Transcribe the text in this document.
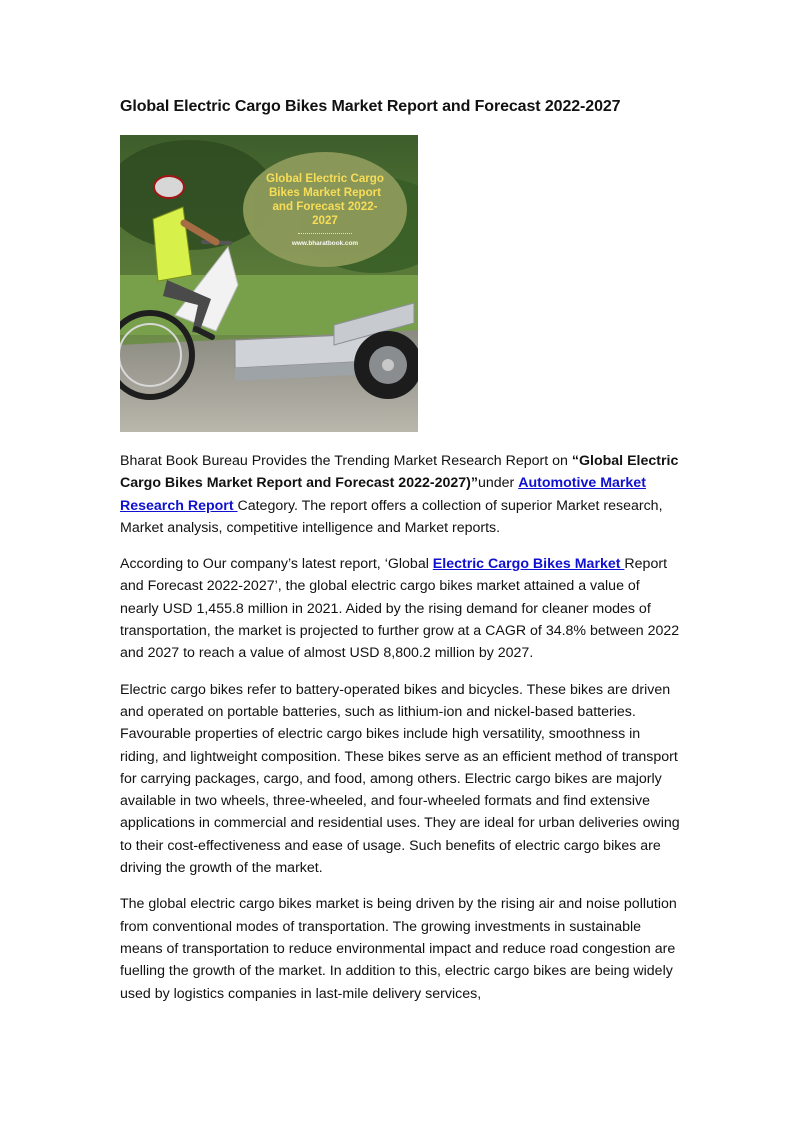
Global Electric Cargo Bikes Market Report and Forecast 2022-2027
Global Electric Cargo Bikes Market Report and Forecast 2022-2027
www.bharatbook.com

Bharat Book Bureau Provides the Trending Market Research Report on “Global Electric Cargo Bikes Market Report and Forecast 2022-2027)”under Automotive Market Research Report Category. The report offers a collection of superior Market research, Market analysis, competitive intelligence and Market reports.

According to Our company’s latest report, ‘Global Electric Cargo Bikes Market Report and Forecast 2022-2027’, the global electric cargo bikes market attained a value of nearly USD 1,455.8 million in 2021. Aided by the rising demand for cleaner modes of transportation, the market is projected to further grow at a CAGR of 34.8% between 2022 and 2027 to reach a value of almost USD 8,800.2 million by 2027.

Electric cargo bikes refer to battery-operated bikes and bicycles. These bikes are driven and operated on portable batteries, such as lithium-ion and nickel-based batteries. Favourable properties of electric cargo bikes include high versatility, smoothness in riding, and lightweight composition. These bikes serve as an efficient method of transport for carrying packages, cargo, and food, among others. Electric cargo bikes are majorly available in two wheels, three-wheeled, and four-wheeled formats and find extensive applications in commercial and residential uses. They are ideal for urban deliveries owing to their cost-effectiveness and ease of usage. Such benefits of electric cargo bikes are driving the growth of the market.

The global electric cargo bikes market is being driven by the rising air and noise pollution from conventional modes of transportation. The growing investments in sustainable means of transportation to reduce environmental impact and reduce road congestion are fuelling the growth of the market. In addition to this, electric cargo bikes are being widely used by logistics companies in last-mile delivery services,
